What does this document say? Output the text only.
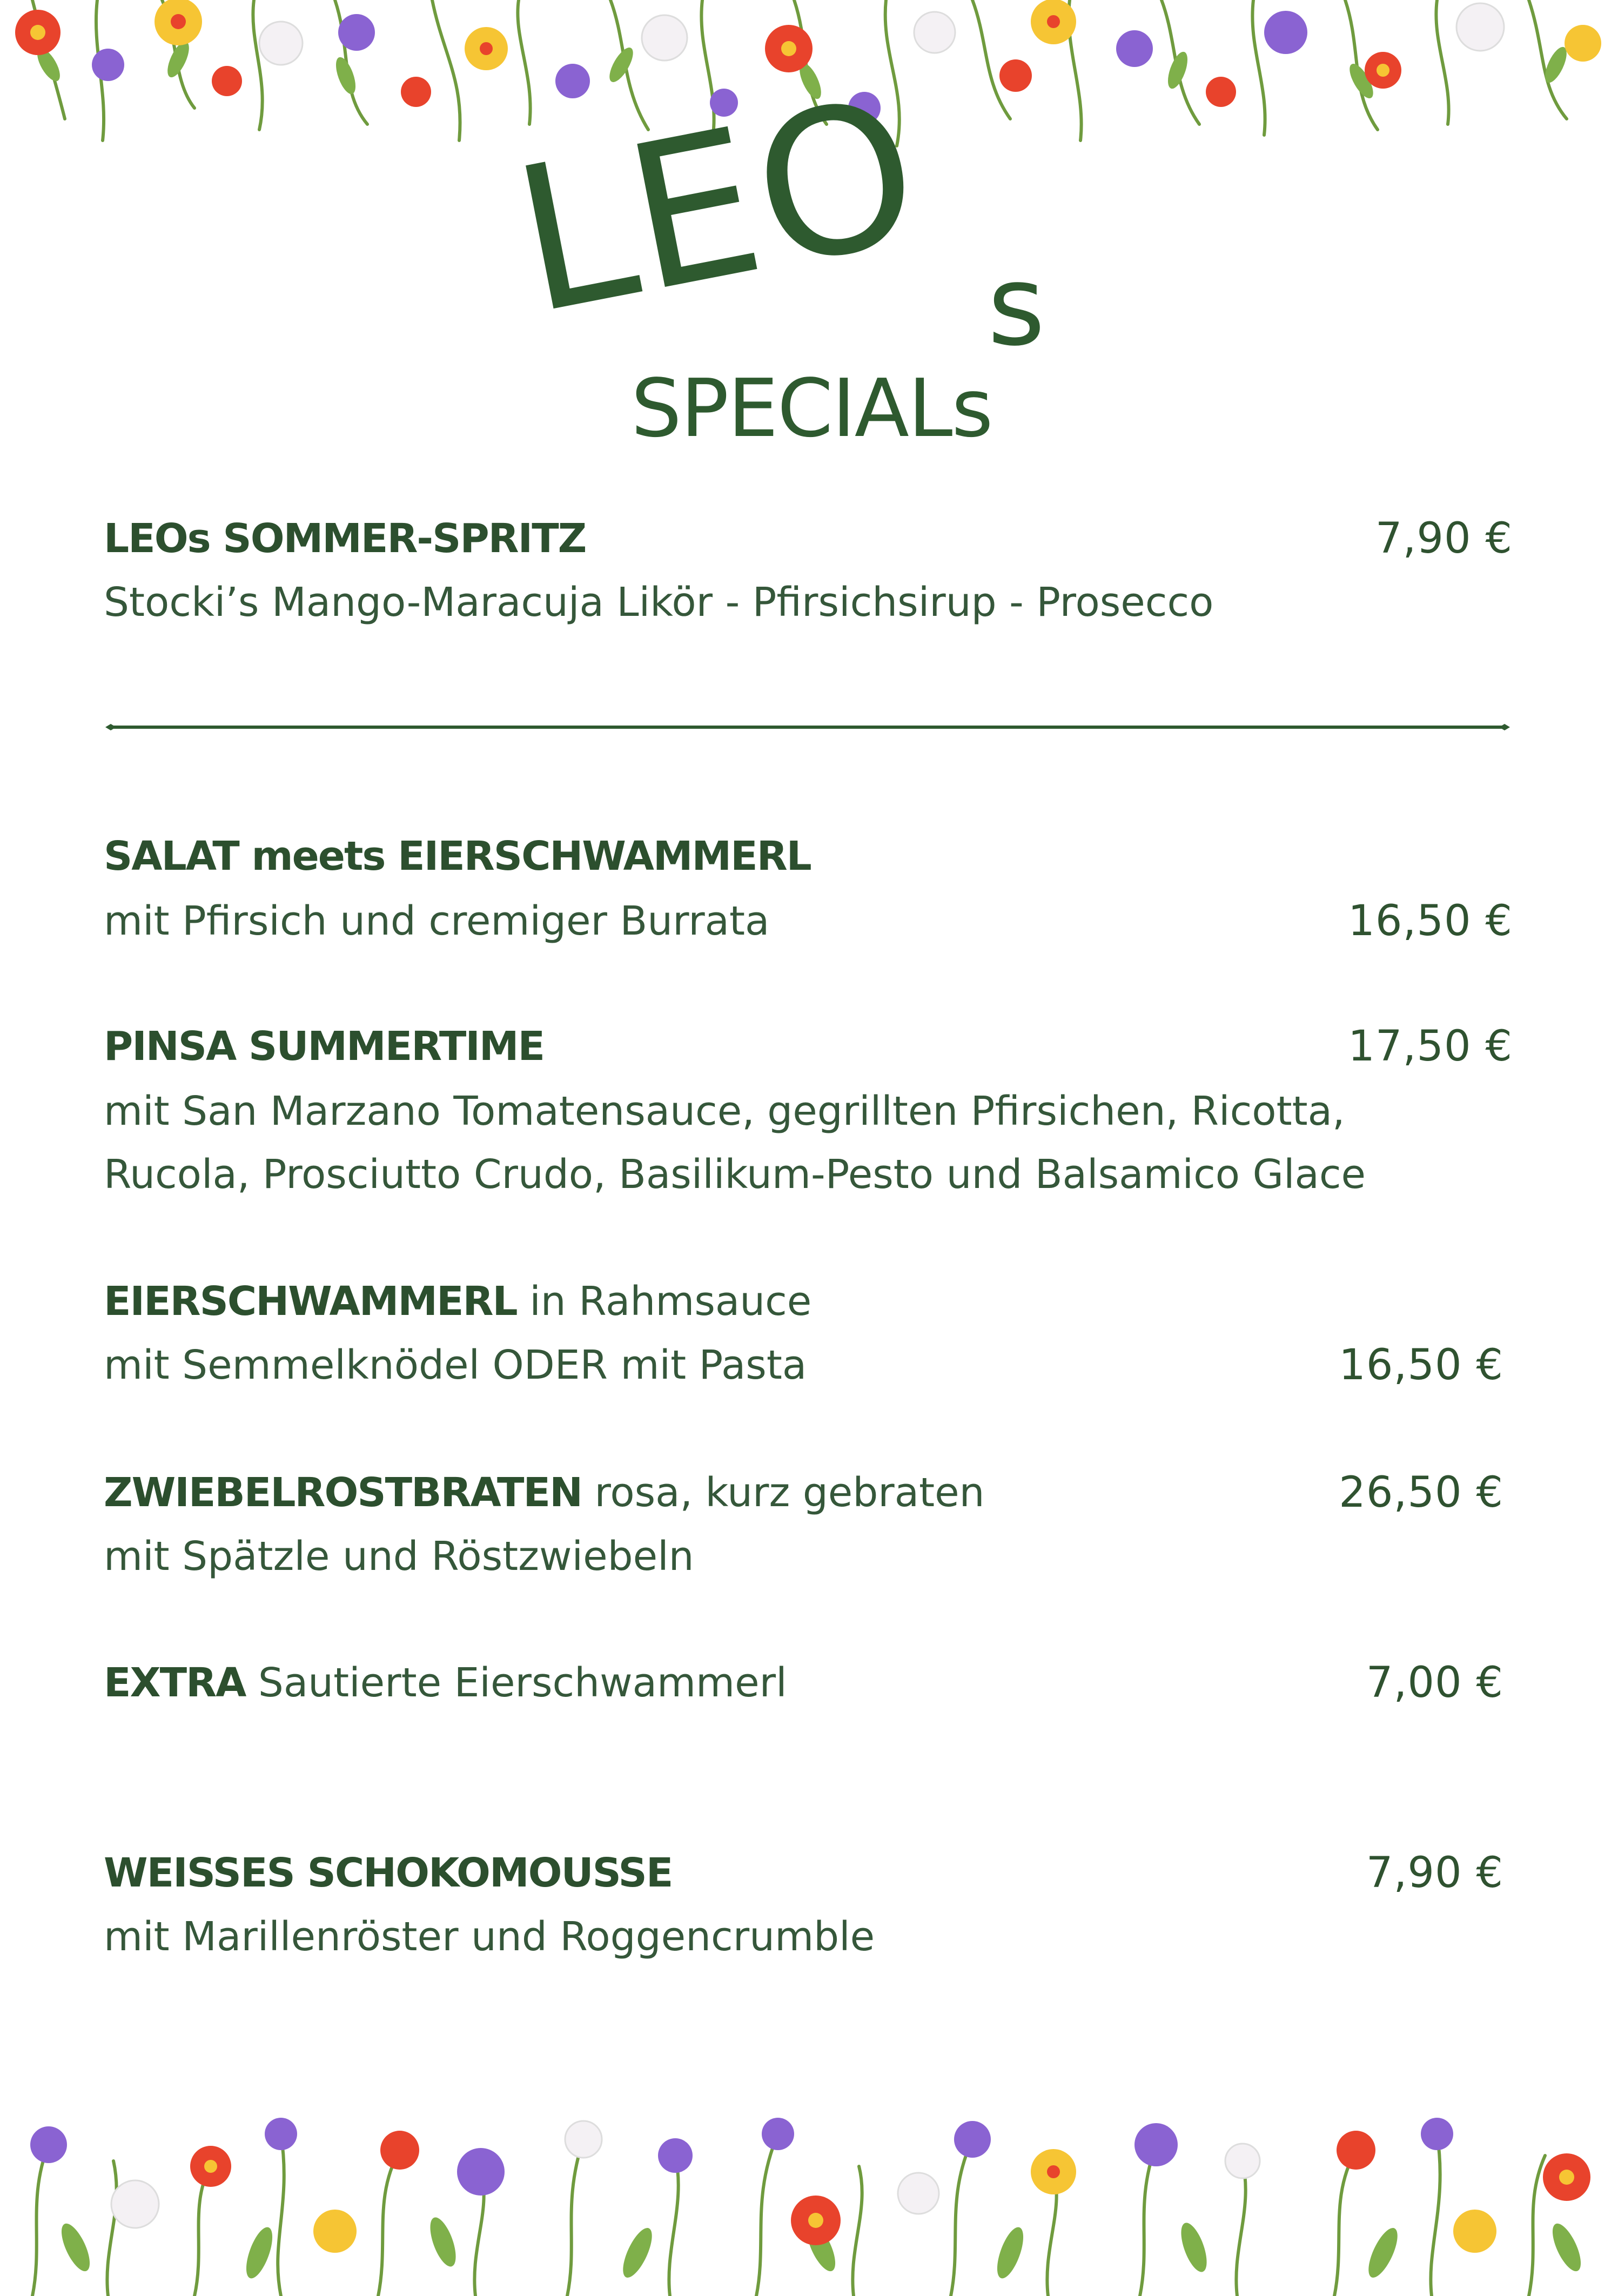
LEO s
SPECIALs
LEOs SOMMER-SPRITZ	7,90 €
Stocki’s Mango-Maracuja Likör - Pfirsichsirup - Prosecco
SALAT meets EIERSCHWAMMERL
mit Pfirsich und cremiger Burrata	16,50 €
PINSA SUMMERTIME	17,50 €
mit San Marzano Tomatensauce, gegrillten Pfirsichen, Ricotta,
Rucola, Prosciutto Crudo, Basilikum-Pesto und Balsamico Glace
EIERSCHWAMMERL in Rahmsauce
mit Semmelknödel ODER mit Pasta	16,50 €
ZWIEBELROSTBRATEN rosa, kurz gebraten	26,50 €
mit Spätzle und Röstzwiebeln
EXTRA Sautierte Eierschwammerl	7,00 €
WEISSES SCHOKOMOUSSE	7,90 €
mit Marillenröster und Roggencrumble
